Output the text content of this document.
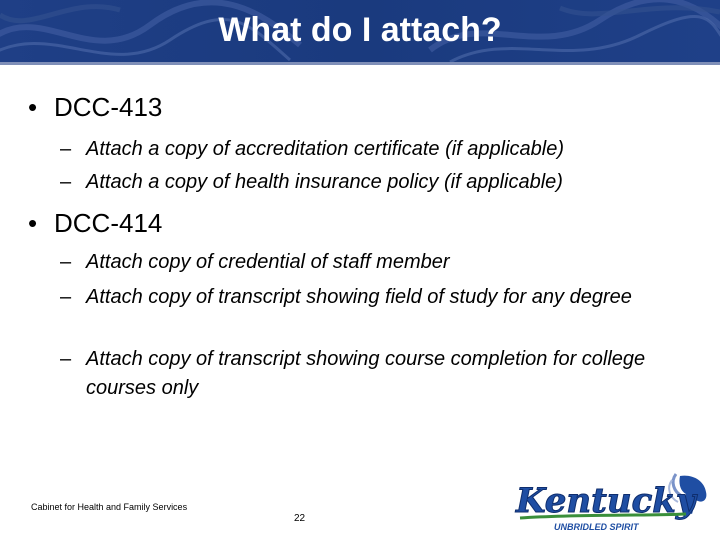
What do I attach?
• DCC-413
– Attach a copy of accreditation certificate (if applicable)
– Attach a copy of health insurance policy (if applicable)
• DCC-414
– Attach copy of credential of staff member
– Attach copy of transcript showing field of study for any degree
– Attach copy of transcript showing course completion for college courses only
Cabinet for Health and Family Services
22	Kentucky
UNBRIDLED SPIRIT
